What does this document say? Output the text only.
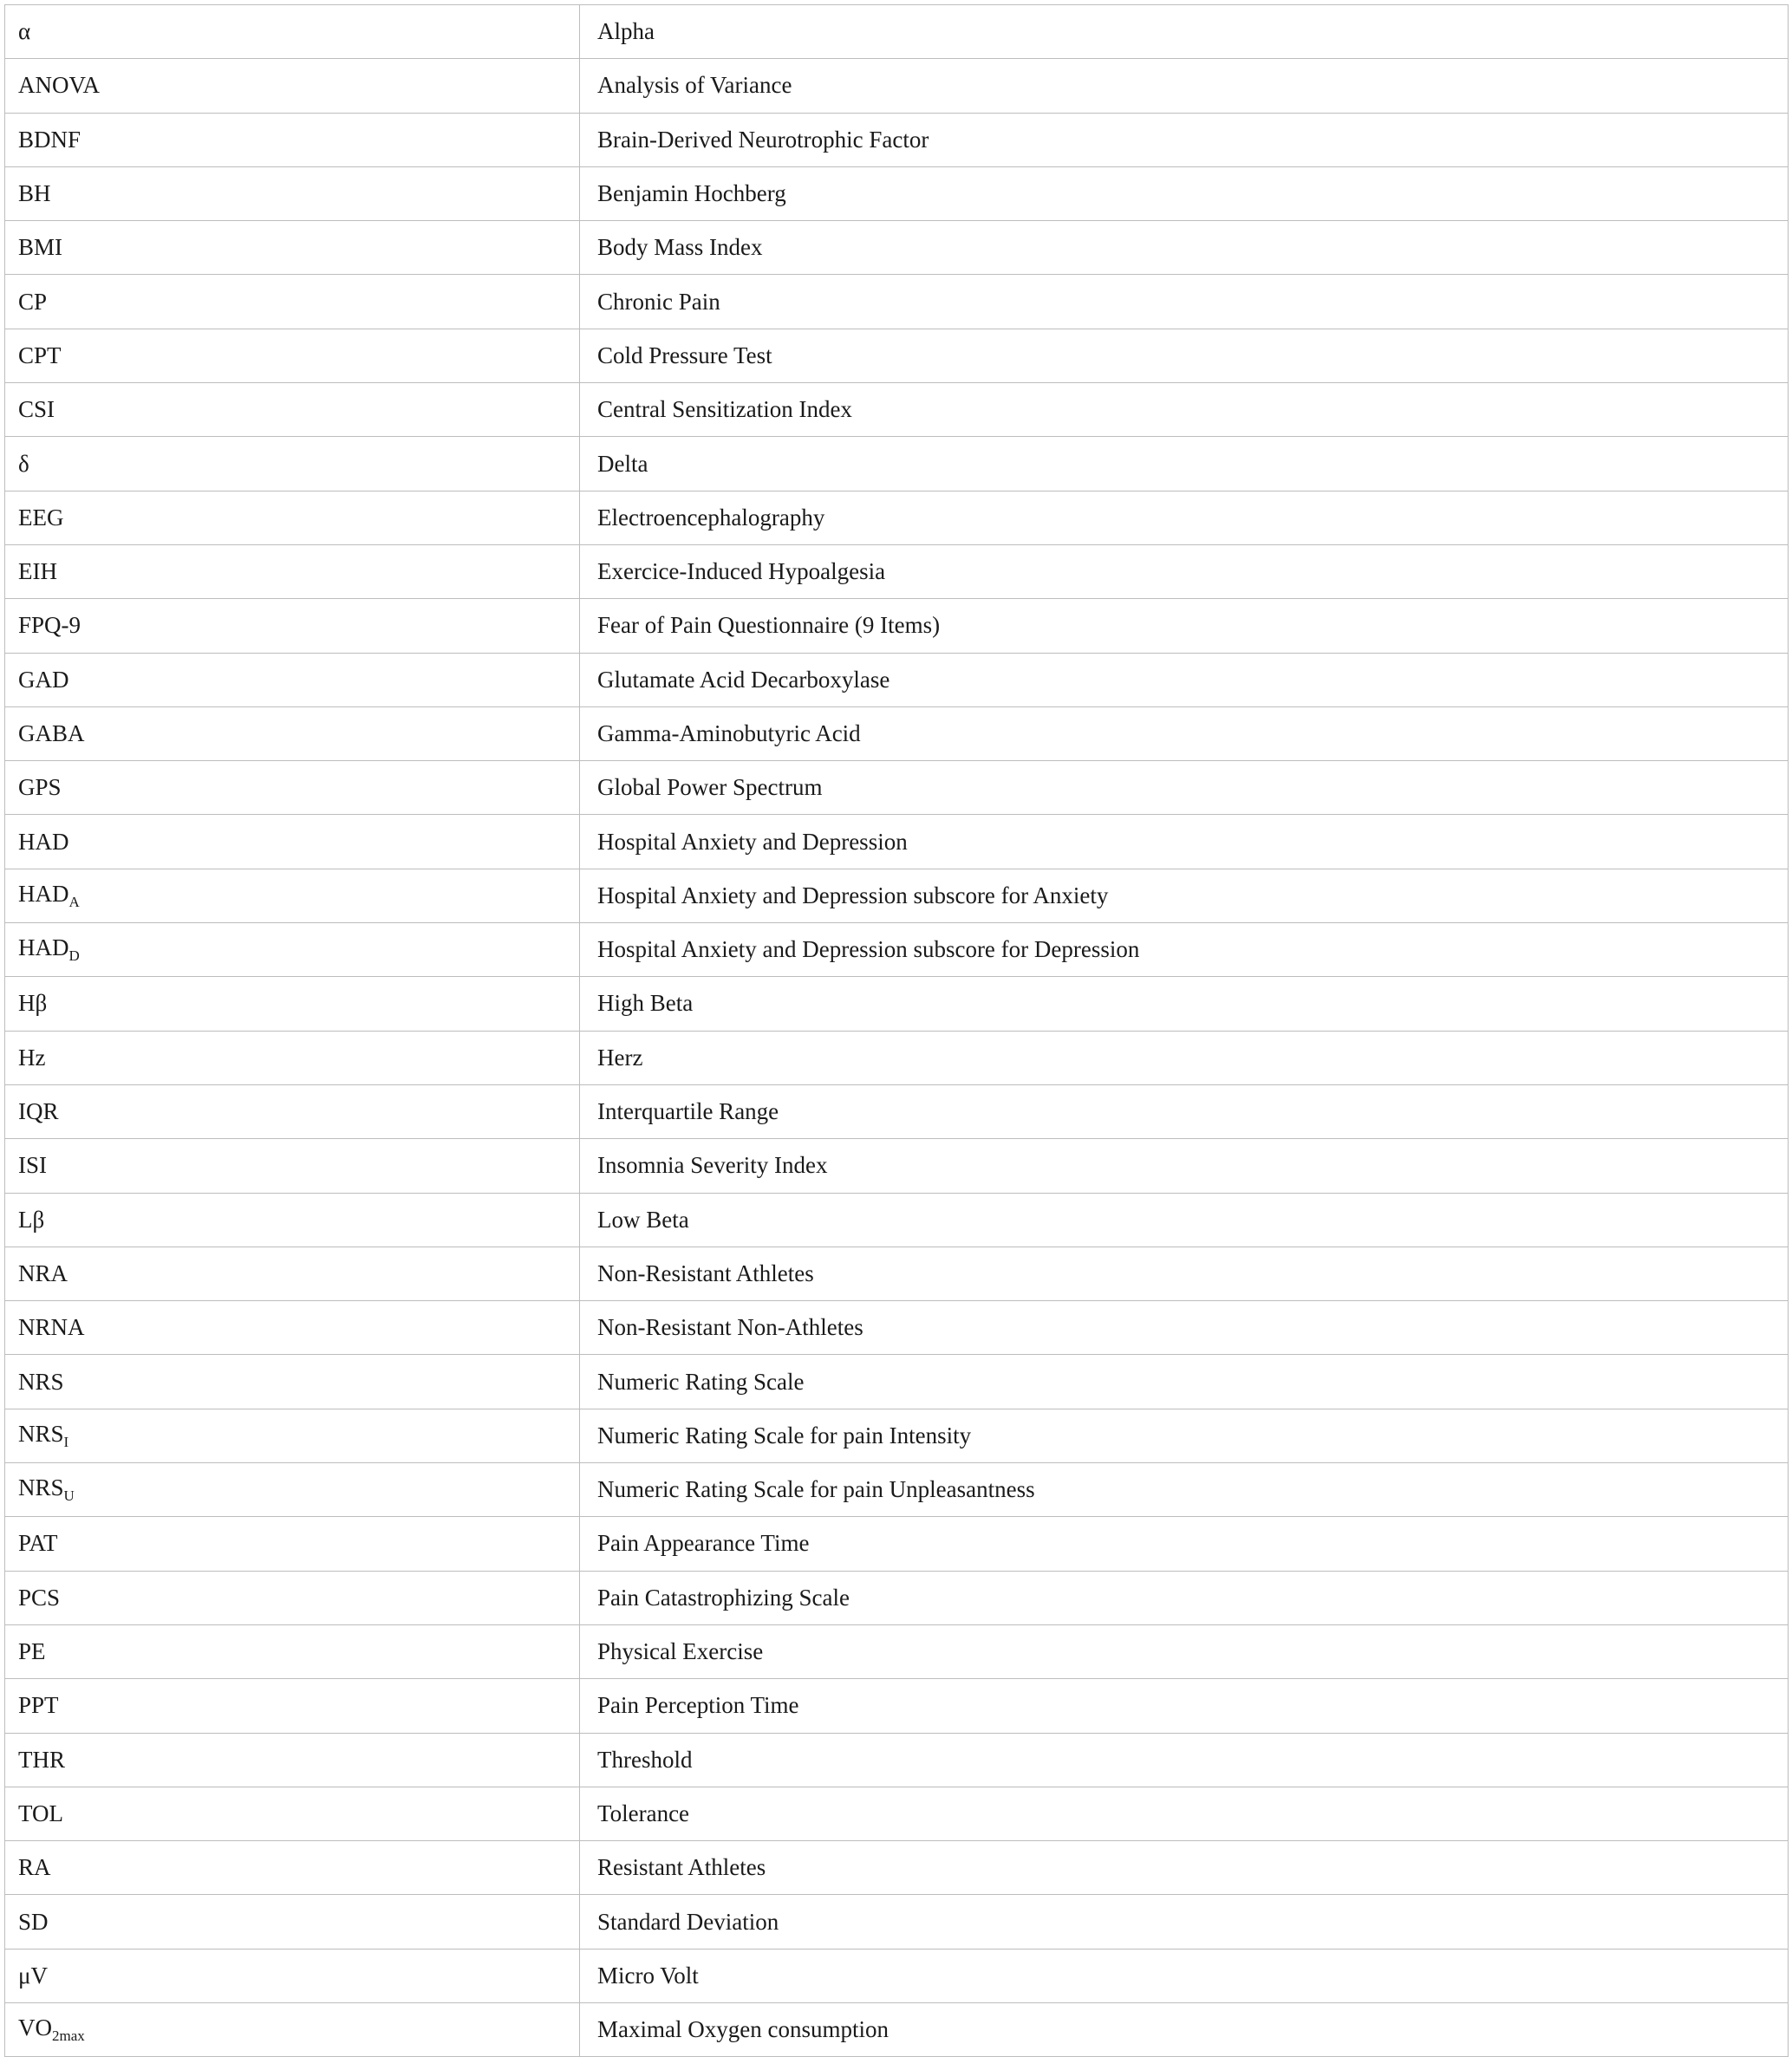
α	Alpha
ANOVA	Analysis of Variance
BDNF	Brain-Derived Neurotrophic Factor
BH	Benjamin Hochberg
BMI	Body Mass Index
CP	Chronic Pain
CPT	Cold Pressure Test
CSI	Central Sensitization Index
δ	Delta
EEG	Electroencephalography
EIH	Exercice-Induced Hypoalgesia
FPQ-9	Fear of Pain Questionnaire (9 Items)
GAD	Glutamate Acid Decarboxylase
GABA	Gamma-Aminobutyric Acid
GPS	Global Power Spectrum
HAD	Hospital Anxiety and Depression
$HAD_A$	Hospital Anxiety and Depression subscore for Anxiety
$HAD_D$	Hospital Anxiety and Depression subscore for Depression
Hβ	High Beta
Hz	Herz
IQR	Interquartile Range
ISI	Insomnia Severity Index
Lβ	Low Beta
NRA	Non-Resistant Athletes
NRNA	Non-Resistant Non-Athletes
NRS	Numeric Rating Scale
$NRS_I$	Numeric Rating Scale for pain Intensity
$NRS_U$	Numeric Rating Scale for pain Unpleasantness
PAT	Pain Appearance Time
PCS	Pain Catastrophizing Scale
PE	Physical Exercise
PPT	Pain Perception Time
THR	Threshold
TOL	Tolerance
RA	Resistant Athletes
SD	Standard Deviation
μV	Micro Volt
$VO_{2max}$	Maximal Oxygen consumption
